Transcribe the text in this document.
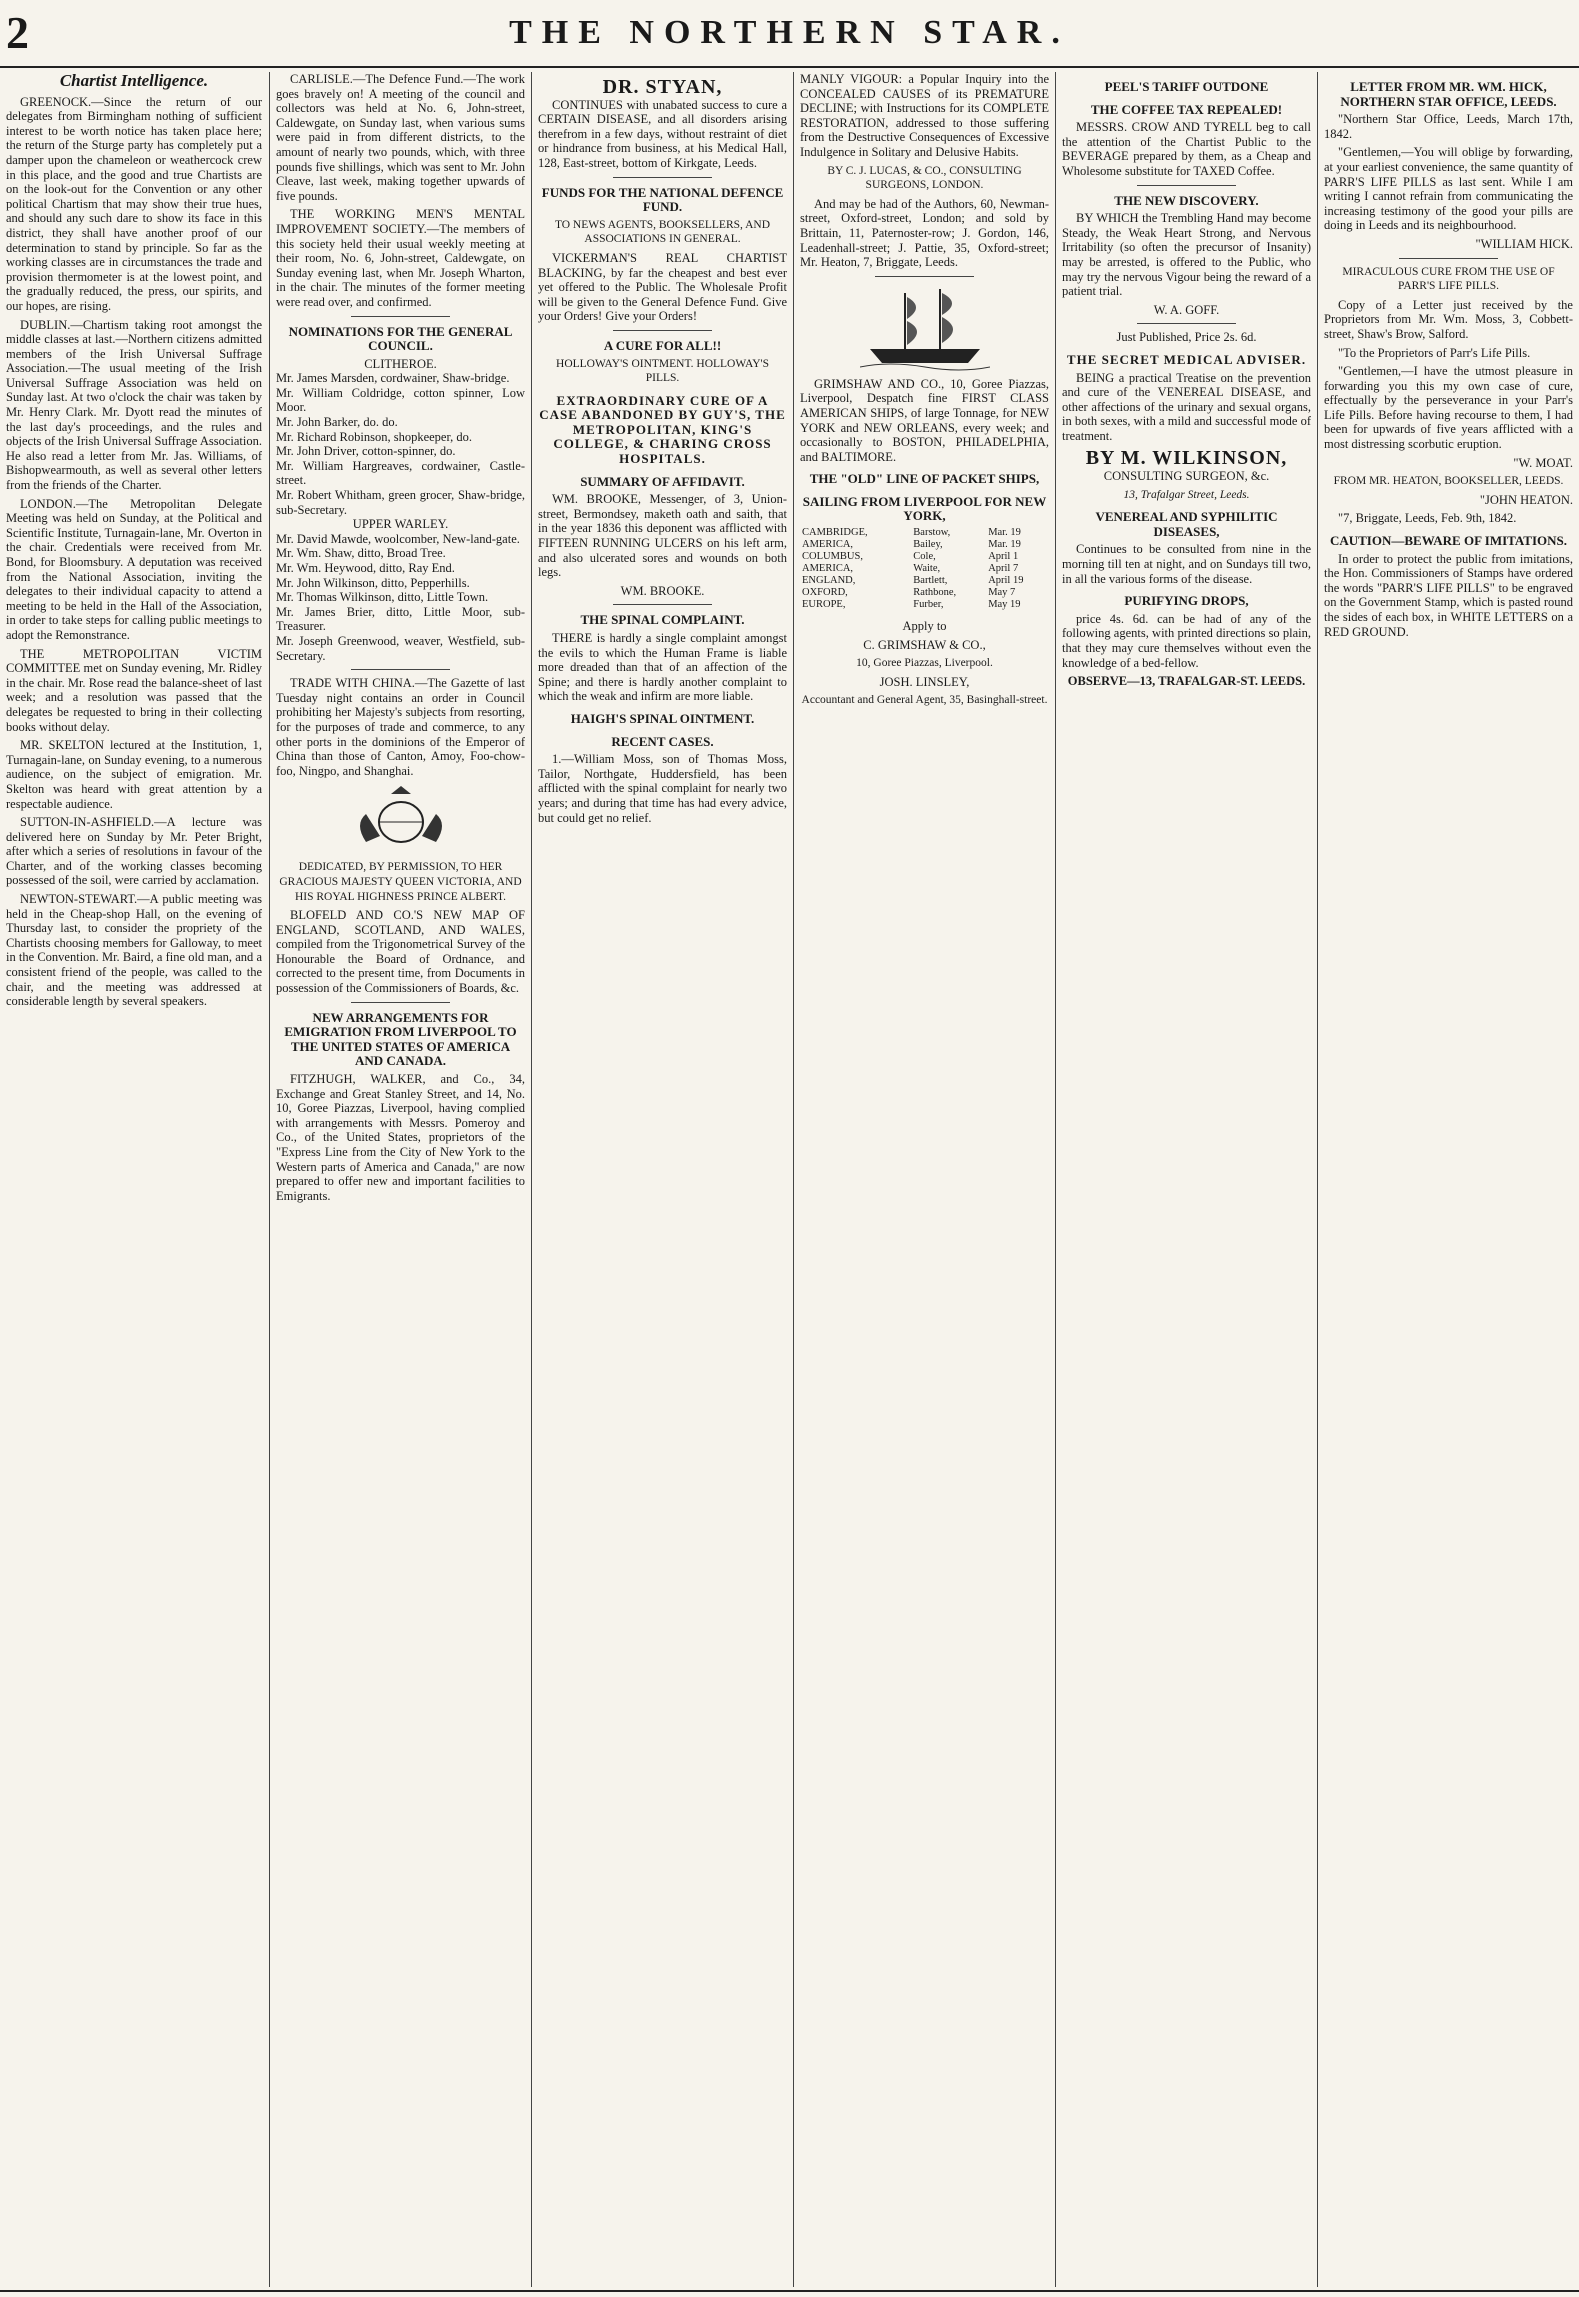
2	THE NORTHERN STAR.
Chartist Intelligence.

GREENOCK.—Since the return of our delegates from Birmingham nothing of sufficient interest to be worth notice has taken place here; the return of the Sturge party has completely put a damper upon the chameleon or weathercock crew in this place, and the good and true Chartists are on the look-out for the Convention or any other political Chartism that may show their true hues, and should any such dare to show its face in this district, they shall have another proof of our determination to stand by principle. So far as the working classes are in circumstances the trade and provision thermometer is at the lowest point, and the gradually reduced, the press, our spirits, and our hopes, are rising.

DUBLIN.—Chartism taking root amongst the middle classes at last.—Northern citizens admitted members of the Irish Universal Suffrage Association.—The usual meeting of the Irish Universal Suffrage Association was held on Sunday last. At two o'clock the chair was taken by Mr. Henry Clark. Mr. Dyott read the minutes of the last day's proceedings, and the rules and objects of the Irish Universal Suffrage Association. He also read a letter from Mr. Jas. Williams, of Bishopwearmouth, as well as several other letters from the friends of the Charter.

LONDON.—The Metropolitan Delegate Meeting was held on Sunday, at the Political and Scientific Institute, Turnagain-lane, Mr. Overton in the chair. Credentials were received from Mr. Bond, for Bloomsbury. A deputation was received from the National Association, inviting the delegates to their individual capacity to attend a meeting to be held in the Hall of the Association, in order to take steps for calling public meetings to adopt the Remonstrance.

THE METROPOLITAN VICTIM COMMITTEE met on Sunday evening, Mr. Ridley in the chair. Mr. Rose read the balance-sheet of last week; and a resolution was passed that the delegates be requested to bring in their collecting books without delay.

MR. SKELTON lectured at the Institution, 1, Turnagain-lane, on Sunday evening, to a numerous audience, on the subject of emigration. Mr. Skelton was heard with great attention by a respectable audience.

SUTTON-IN-ASHFIELD.—A lecture was delivered here on Sunday by Mr. Peter Bright, after which a series of resolutions in favour of the Charter, and of the working classes becoming possessed of the soil, were carried by acclamation.

NEWTON-STEWART.—A public meeting was held in the Cheap-shop Hall, on the evening of Thursday last, to consider the propriety of the Chartists choosing members for Galloway, to meet in the Convention. Mr. Baird, a fine old man, and a consistent friend of the people, was called to the chair, and the meeting was addressed at considerable length by several speakers.

CARLISLE.—The Defence Fund.—The work goes bravely on! A meeting of the council and collectors was held at No. 6, John-street, Caldewgate, on Sunday last, when various sums were paid in from different districts, to the amount of nearly two pounds, which, with three pounds five shillings, which was sent to Mr. John Cleave, last week, making together upwards of five pounds.

THE WORKING MEN'S MENTAL IMPROVEMENT SOCIETY.—The members of this society held their usual weekly meeting at their room, No. 6, John-street, Caldewgate, on Sunday evening last, when Mr. Joseph Wharton, in the chair. The minutes of the former meeting were read over, and confirmed.

NOMINATIONS FOR THE GENERAL COUNCIL.

CLITHEROE.

Mr. James Marsden, cordwainer, Shaw-bridge.

Mr. William Coldridge, cotton spinner, Low Moor.

Mr. John Barker, do. do.

Mr. Richard Robinson, shopkeeper, do.

Mr. John Driver, cotton-spinner, do.

Mr. William Hargreaves, cordwainer, Castle-street.

Mr. Robert Whitham, green grocer, Shaw-bridge, sub-Secretary.

UPPER WARLEY.

Mr. David Mawde, woolcomber, New-land-gate.

Mr. Wm. Shaw, ditto, Broad Tree.

Mr. Wm. Heywood, ditto, Ray End.

Mr. John Wilkinson, ditto, Pepperhills.

Mr. Thomas Wilkinson, ditto, Little Town.

Mr. James Brier, ditto, Little Moor, sub-Treasurer.

Mr. Joseph Greenwood, weaver, Westfield, sub-Secretary.

TRADE WITH CHINA.—The Gazette of last Tuesday night contains an order in Council prohibiting her Majesty's subjects from resorting, for the purposes of trade and commerce, to any other ports in the dominions of the Emperor of China than those of Canton, Amoy, Foo-chow-foo, Ningpo, and Shanghai.

DEDICATED, BY PERMISSION, TO HER GRACIOUS MAJESTY QUEEN VICTORIA, AND HIS ROYAL HIGHNESS PRINCE ALBERT.

BLOFELD AND CO.'S NEW MAP OF ENGLAND, SCOTLAND, AND WALES, compiled from the Trigonometrical Survey of the Honourable the Board of Ordnance, and corrected to the present time, from Documents in possession of the Commissioners of Boards, &c.

NEW ARRANGEMENTS FOR EMIGRATION FROM LIVERPOOL TO THE UNITED STATES OF AMERICA AND CANADA.

FITZHUGH, WALKER, and Co., 34, Exchange and Great Stanley Street, and 14, No. 10, Goree Piazzas, Liverpool, having complied with arrangements with Messrs. Pomeroy and Co., of the United States, proprietors of the "Express Line from the City of New York to the Western parts of America and Canada," are now prepared to offer new and important facilities to Emigrants.

DR. STYAN,

CONTINUES with unabated success to cure a CERTAIN DISEASE, and all disorders arising therefrom in a few days, without restraint of diet or hindrance from business, at his Medical Hall, 128, East-street, bottom of Kirkgate, Leeds.

FUNDS FOR THE NATIONAL DEFENCE FUND.

TO NEWS AGENTS, BOOKSELLERS, AND ASSOCIATIONS IN GENERAL.

VICKERMAN'S REAL CHARTIST BLACKING, by far the cheapest and best ever yet offered to the Public. The Wholesale Profit will be given to the General Defence Fund. Give your Orders! Give your Orders!

A CURE FOR ALL!!

HOLLOWAY'S OINTMENT. HOLLOWAY'S PILLS.

EXTRAORDINARY CURE OF A CASE ABANDONED BY GUY'S, THE METROPOLITAN, KING'S COLLEGE, & CHARING CROSS HOSPITALS.
SUMMARY OF AFFIDAVIT.

WM. BROOKE, Messenger, of 3, Union-street, Bermondsey, maketh oath and saith, that in the year 1836 this deponent was afflicted with FIFTEEN RUNNING ULCERS on his left arm, and also ulcerated sores and wounds on both legs.

WM. BROOKE.

THE SPINAL COMPLAINT.

THERE is hardly a single complaint amongst the evils to which the Human Frame is liable more dreaded than that of an affection of the Spine; and there is hardly another complaint to which the weak and infirm are more liable.

HAIGH'S SPINAL OINTMENT.
RECENT CASES.

1.—William Moss, son of Thomas Moss, Tailor, Northgate, Huddersfield, has been afflicted with the spinal complaint for nearly two years; and during that time has had every advice, but could get no relief.

MANLY VIGOUR: a Popular Inquiry into the CONCEALED CAUSES of its PREMATURE DECLINE; with Instructions for its COMPLETE RESTORATION, addressed to those suffering from the Destructive Consequences of Excessive Indulgence in Solitary and Delusive Habits.

BY C. J. LUCAS, & CO., CONSULTING SURGEONS, LONDON.

And may be had of the Authors, 60, Newman-street, Oxford-street, London; and sold by Brittain, 11, Paternoster-row; J. Gordon, 146, Leadenhall-street; J. Pattie, 35, Oxford-street; Mr. Heaton, 7, Briggate, Leeds.

GRIMSHAW AND CO., 10, Goree Piazzas, Liverpool, Despatch fine FIRST CLASS AMERICAN SHIPS, of large Tonnage, for NEW YORK and NEW ORLEANS, every week; and occasionally to BOSTON, PHILADELPHIA, and BALTIMORE.

THE "OLD" LINE OF PACKET SHIPS,
SAILING FROM LIVERPOOL FOR NEW YORK,
CAMBRIDGE,	Barstow,	Mar. 19
AMERICA,	Bailey,	Mar. 19
COLUMBUS,	Cole,	April 1
AMERICA,	Waite,	April 7
ENGLAND,	Bartlett,	April 19
OXFORD,	Rathbone,	May 7
EUROPE,	Furber,	May 19

Apply to

C. GRIMSHAW & CO.,

10, Goree Piazzas, Liverpool.

JOSH. LINSLEY,

Accountant and General Agent, 35, Basinghall-street.

PEEL'S TARIFF OUTDONE
THE COFFEE TAX REPEALED!

MESSRS. CROW AND TYRELL beg to call the attention of the Chartist Public to the BEVERAGE prepared by them, as a Cheap and Wholesome substitute for TAXED Coffee.

THE NEW DISCOVERY.

BY WHICH the Trembling Hand may become Steady, the Weak Heart Strong, and Nervous Irritability (so often the precursor of Insanity) may be arrested, is offered to the Public, who may try the nervous Vigour being the reward of a patient trial.

W. A. GOFF.

Just Published, Price 2s. 6d.

THE SECRET MEDICAL ADVISER.

BEING a practical Treatise on the prevention and cure of the VENEREAL DISEASE, and other affections of the urinary and sexual organs, in both sexes, with a mild and successful mode of treatment.

BY M. WILKINSON,

CONSULTING SURGEON, &c.

13, Trafalgar Street, Leeds.

VENEREAL AND SYPHILITIC DISEASES,

Continues to be consulted from nine in the morning till ten at night, and on Sundays till two, in all the various forms of the disease.

PURIFYING DROPS,

price 4s. 6d. can be had of any of the following agents, with printed directions so plain, that they may cure themselves without even the knowledge of a bed-fellow.

OBSERVE—13, TRAFALGAR-ST. LEEDS.

LETTER FROM MR. WM. HICK, NORTHERN STAR OFFICE, LEEDS.

"Northern Star Office, Leeds, March 17th, 1842.

"Gentlemen,—You will oblige by forwarding, at your earliest convenience, the same quantity of PARR'S LIFE PILLS as last sent. While I am writing I cannot refrain from communicating the increasing testimony of the good your pills are doing in Leeds and its neighbourhood.

"WILLIAM HICK.

MIRACULOUS CURE FROM THE USE OF PARR'S LIFE PILLS.

Copy of a Letter just received by the Proprietors from Mr. Wm. Moss, 3, Cobbett-street, Shaw's Brow, Salford.

"To the Proprietors of Parr's Life Pills.

"Gentlemen,—I have the utmost pleasure in forwarding you this my own case of cure, effectually by the perseverance in your Parr's Life Pills. Before having recourse to them, I had been for upwards of five years afflicted with a most distressing scorbutic eruption.

"W. MOAT.

FROM MR. HEATON, BOOKSELLER, LEEDS.

"JOHN HEATON.

"7, Briggate, Leeds, Feb. 9th, 1842.

CAUTION—BEWARE OF IMITATIONS.

In order to protect the public from imitations, the Hon. Commissioners of Stamps have ordered the words "PARR'S LIFE PILLS" to be engraved on the Government Stamp, which is pasted round the sides of each box, in WHITE LETTERS on a RED GROUND.
